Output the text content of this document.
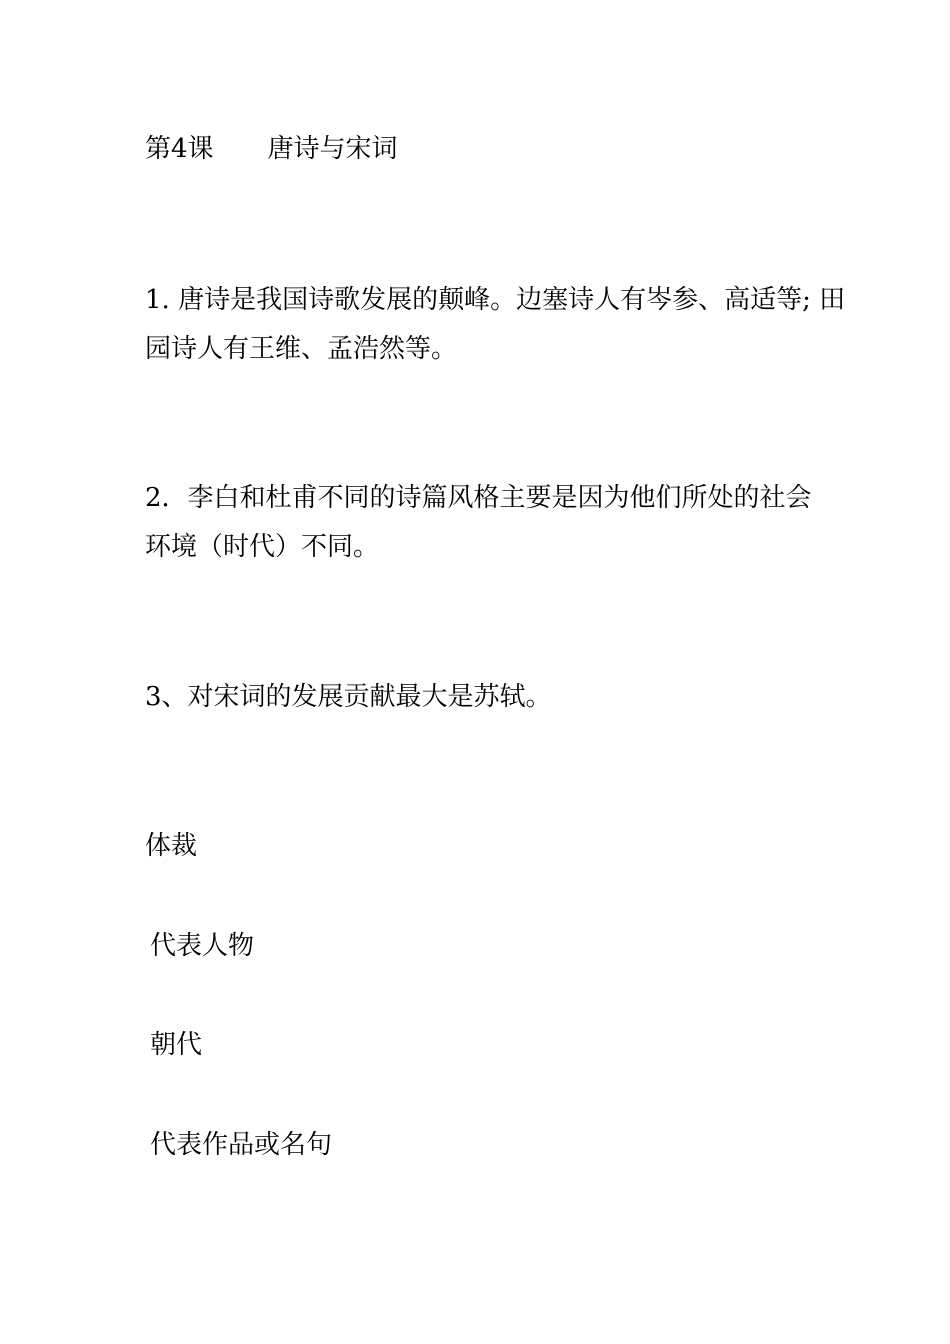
第4课 唐诗与宋词
1. 唐诗是我国诗歌发展的颠峰。边塞诗人有岑参、高适等; 田
园诗人有王维、孟浩然等。
2．李白和杜甫不同的诗篇风格主要是因为他们所处的社会
环境（时代）不同。
3、对宋词的发展贡献最大是苏轼。
体裁
代表人物
朝代
代表作品或名句
